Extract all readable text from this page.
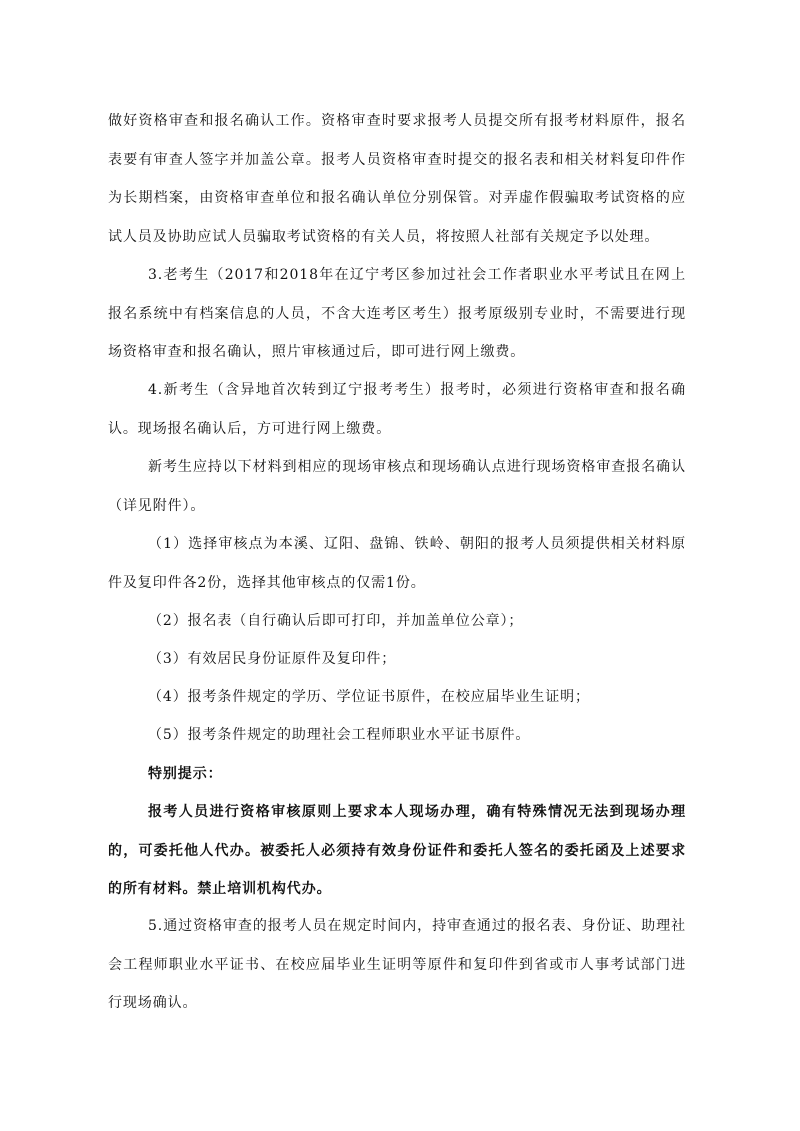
做好资格审查和报名确认工作。资格审查时要求报考人员提交所有报考材料原件，报名表要有审查人签字并加盖公章。报考人员资格审查时提交的报名表和相关材料复印件作为长期档案，由资格审查单位和报名确认单位分别保管。对弄虚作假骗取考试资格的应试人员及协助应试人员骗取考试资格的有关人员，将按照人社部有关规定予以处理。

3.老考生（2017和2018年在辽宁考区参加过社会工作者职业水平考试且在网上报名系统中有档案信息的人员，不含大连考区考生）报考原级别专业时，不需要进行现场资格审查和报名确认，照片审核通过后，即可进行网上缴费。

4.新考生（含异地首次转到辽宁报考考生）报考时，必须进行资格审查和报名确认。现场报名确认后，方可进行网上缴费。

新考生应持以下材料到相应的现场审核点和现场确认点进行现场资格审查报名确认（详见附件）。

（1）选择审核点为本溪、辽阳、盘锦、铁岭、朝阳的报考人员须提供相关材料原件及复印件各2份，选择其他审核点的仅需1份。

（2）报名表（自行确认后即可打印，并加盖单位公章）；

（3）有效居民身份证原件及复印件；

（4）报考条件规定的学历、学位证书原件，在校应届毕业生证明；

（5）报考条件规定的助理社会工程师职业水平证书原件。

特别提示：

报考人员进行资格审核原则上要求本人现场办理，确有特殊情况无法到现场办理的，可委托他人代办。被委托人必须持有效身份证件和委托人签名的委托函及上述要求的所有材料。禁止培训机构代办。

5.通过资格审查的报考人员在规定时间内，持审查通过的报名表、身份证、助理社会工程师职业水平证书、在校应届毕业生证明等原件和复印件到省或市人事考试部门进行现场确认。
